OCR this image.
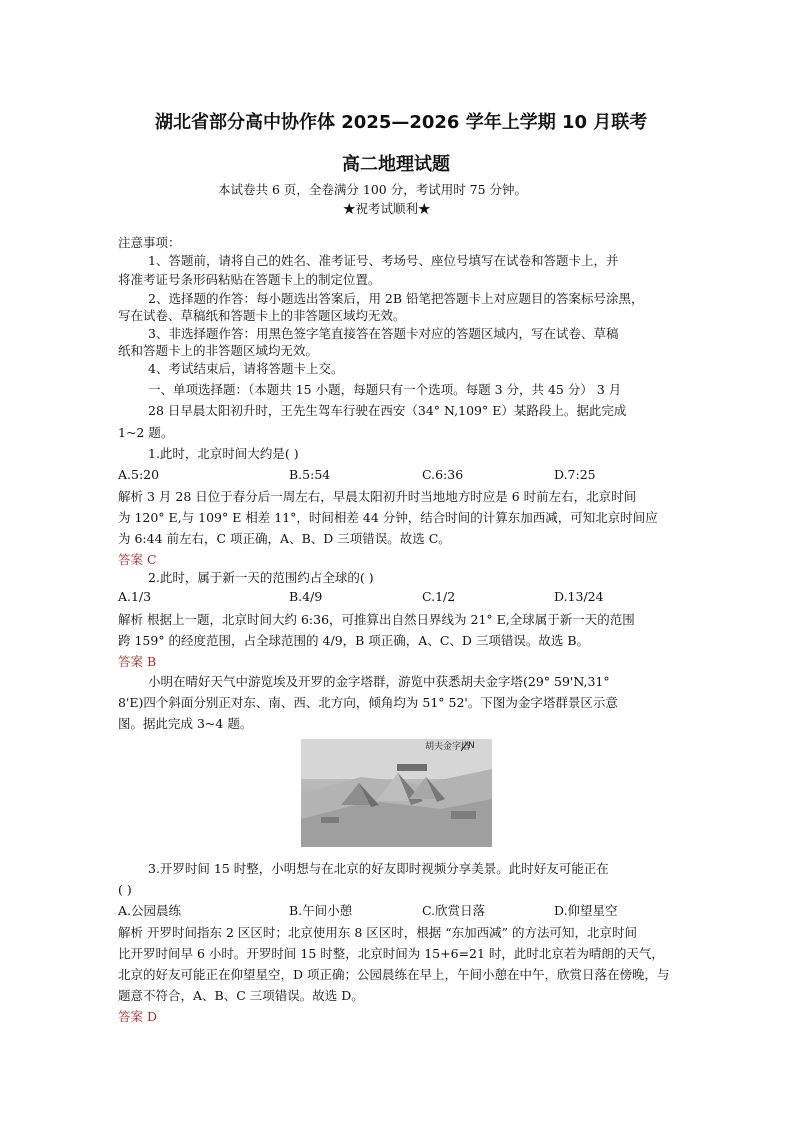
湖北省部分高中协作体 2025—2026 学年上学期 10 月联考
高二地理试题
本试卷共 6 页，全卷满分 100 分，考试用时 75 分钟。
★祝考试顺利★
注意事项：
1、答题前，请将自己的姓名、准考证号、考场号、座位号填写在试卷和答题卡上，并
将准考证号条形码粘贴在答题卡上的制定位置。
2、选择题的作答：每小题选出答案后，用 2B 铅笔把答题卡上对应题目的答案标号涂黑，
写在试卷、草稿纸和答题卡上的非答题区域均无效。
3、非选择题作答：用黑色签字笔直接答在答题卡对应的答题区域内，写在试卷、草稿
纸和答题卡上的非答题区域均无效。
4、考试结束后，请将答题卡上交。
一、单项选择题：（本题共 15 小题，每题只有一个选项。每题 3 分，共 45 分） 3 月
28 日早晨太阳初升时，王先生驾车行驶在西安（34° N,109° E）某路段上。据此完成
1~2 题。
1.此时，北京时间大约是( )
A.5:20	B.5:54	C.6:36	D.7:25
解析 3 月 28 日位于春分后一周左右，早晨太阳初升时当地地方时应是 6 时前左右，北京时间
为 120° E,与 109° E 相差 11°，时间相差 44 分钟，结合时间的计算东加西减，可知北京时间应
为 6:44 前左右，C 项正确，A、B、D 三项错误。故选 C。
答案 C
2.此时，属于新一天的范围约占全球的( )
A.1/3	B.4/9	C.1/2	D.13/24
解析 根据上一题，北京时间大约 6:36，可推算出自然日界线为 21° E,全球属于新一天的范围
跨 159° 的经度范围，占全球范围的 4/9，B 项正确，A、C、D 三项错误。故选 B。
答案 B
小明在晴好天气中游览埃及开罗的金字塔群，游览中获悉胡夫金字塔(29° 59'N,31°
8'E)四个斜面分别正对东、南、西、北方向，倾角均为 51° 52'。下图为金字塔群景区示意
图。据此完成 3~4 题。
胡夫金字塔
N
3.开罗时间 15 时整，小明想与在北京的好友即时视频分享美景。此时好友可能正在
( )
A.公园晨练	B.午间小憩	C.欣赏日落	D.仰望星空
解析 开罗时间指东 2 区区时；北京使用东 8 区区时，根据 “东加西减” 的方法可知，北京时间
比开罗时间早 6 小时。开罗时间 15 时整，北京时间为 15+6=21 时，此时北京若为晴朗的天气，
北京的好友可能正在仰望星空，D 项正确；公园晨练在早上，午间小憩在中午，欣赏日落在傍晚，与
题意不符合，A、B、C 三项错误。故选 D。
答案 D
